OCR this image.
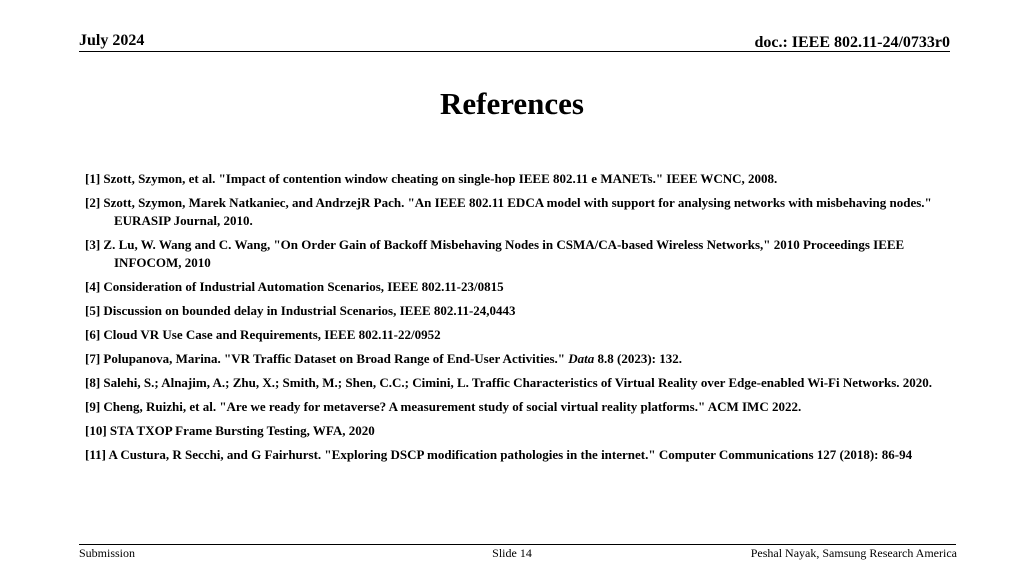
July 2024	doc.: IEEE 802.11-24/0733r0
References

[1] Szott, Szymon, et al. "Impact of contention window cheating on single-hop IEEE 802.11 e MANETs." IEEE WCNC, 2008.

[2] Szott, Szymon, Marek Natkaniec, and AndrzejR Pach. "An IEEE 802.11 EDCA model with support for analysing networks with misbehaving nodes." EURASIP Journal, 2010.

[3] Z. Lu, W. Wang and C. Wang, "On Order Gain of Backoff Misbehaving Nodes in CSMA/CA-based Wireless Networks," 2010 Proceedings IEEE INFOCOM, 2010

[4] Consideration of Industrial Automation Scenarios, IEEE 802.11-23/0815

[5] Discussion on bounded delay in Industrial Scenarios, IEEE 802.11-24,0443

[6] Cloud VR Use Case and Requirements, IEEE 802.11-22/0952

[7] Polupanova, Marina. "VR Traffic Dataset on Broad Range of End-User Activities." Data 8.8 (2023): 132.

[8] Salehi, S.; Alnajim, A.; Zhu, X.; Smith, M.; Shen, C.C.; Cimini, L. Traffic Characteristics of Virtual Reality over Edge-enabled Wi-Fi Networks. 2020.

[9] Cheng, Ruizhi, et al. "Are we ready for metaverse? A measurement study of social virtual reality platforms." ACM IMC 2022.

[10] STA TXOP Frame Bursting Testing, WFA, 2020

[11] A Custura, R Secchi, and G Fairhurst. "Exploring DSCP modification pathologies in the internet." Computer Communications 127 (2018): 86-94

Submission	Slide 14	Peshal Nayak, Samsung Research America
